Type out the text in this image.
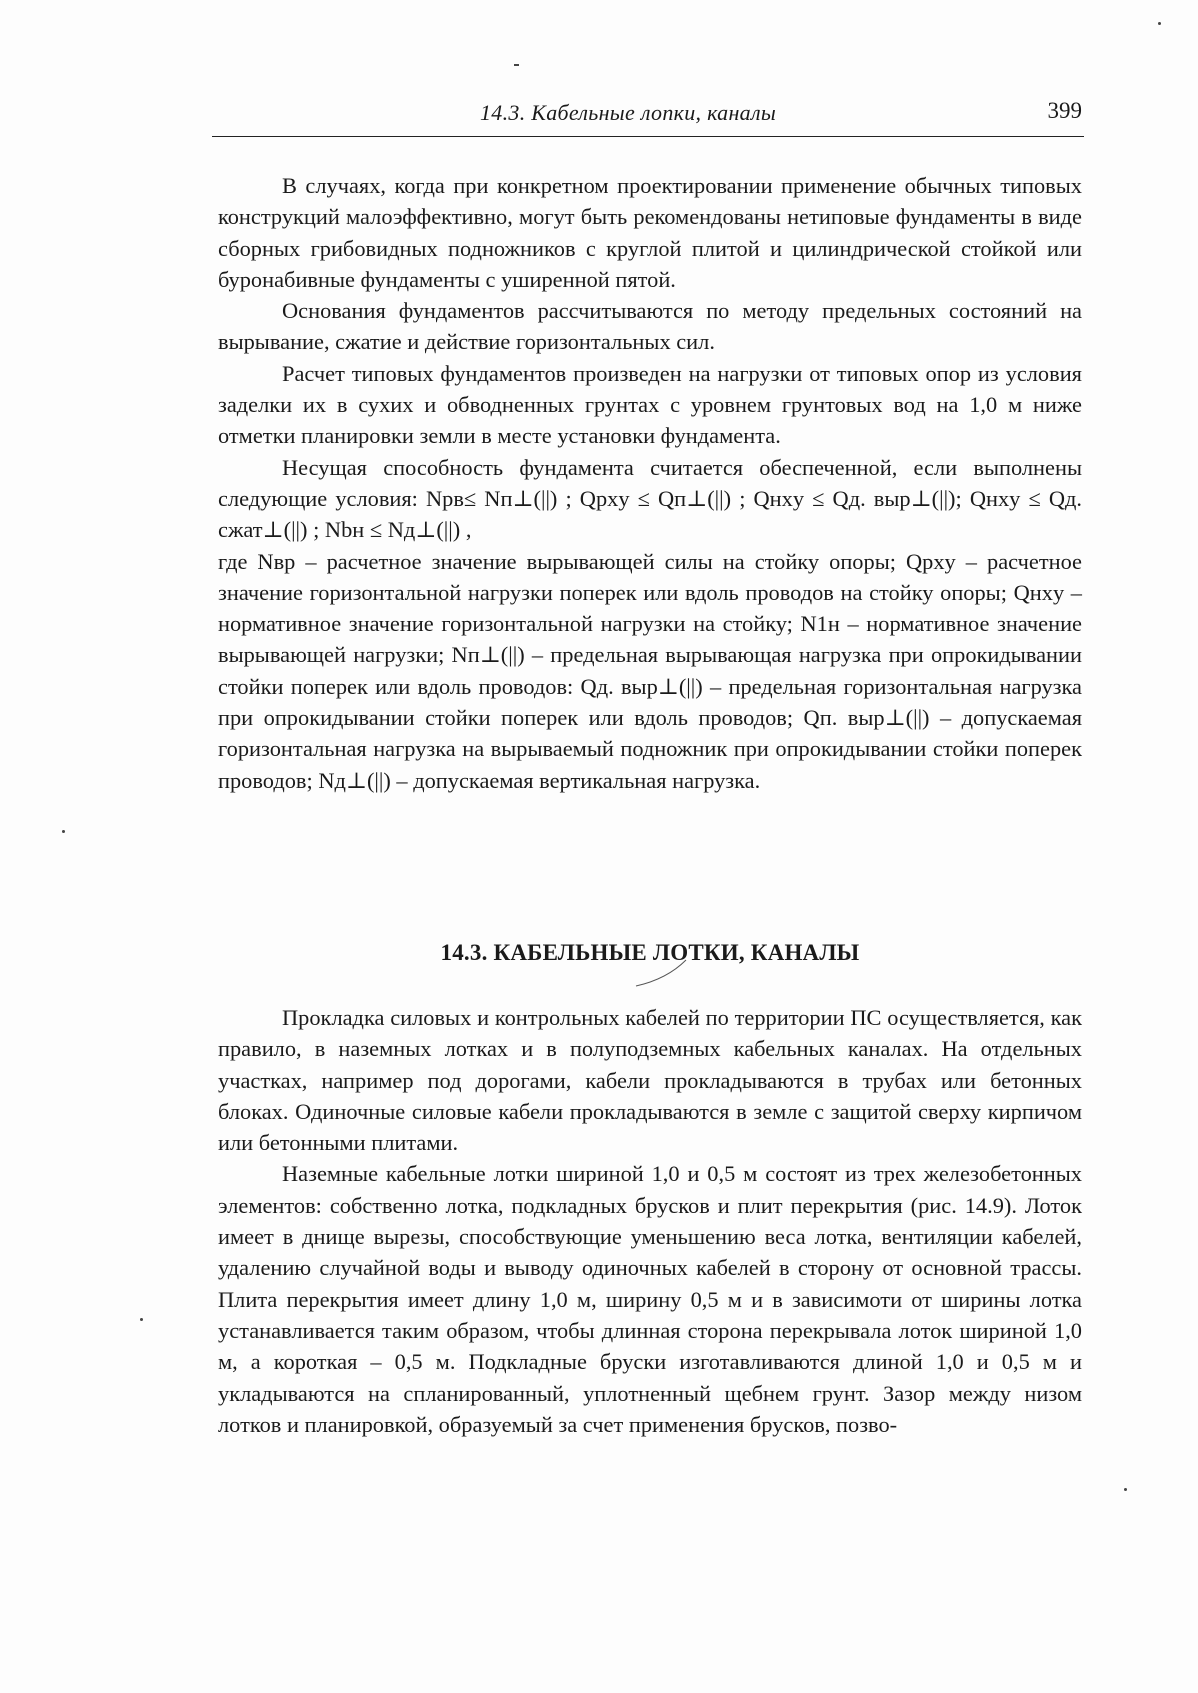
14.3. Кабельные лопки, каналы	399

В случаях, когда при конкретном проектировании применение обычных типовых конструкций малоэффективно, могут быть рекомендованы нетиповые фундаменты в виде сборных грибовидных подножников с круглой плитой и цилиндрической стойкой или буронабивные фундаменты с уширенной пятой.

Основания фундаментов рассчитываются по методу предельных состояний на вырывание, сжатие и действие горизонтальных сил.

Расчет типовых фундаментов произведен на нагрузки от типовых опор из условия заделки их в сухих и обводненных грунтах с уровнем грунтовых вод на 1,0 м ниже отметки планировки земли в месте установки фундамента.

Несущая способность фундамента считается обеспеченной, если выполнены следующие условия: Nрв≤ Nп⊥(||) ; Qрxy ≤ Qп⊥(||) ; Qнxy ≤ Qд. выр⊥(||); Qнxy ≤ Qд. сжат⊥(||) ; Nbн ≤ Nд⊥(||) ,

где Nвр – расчетное значение вырывающей силы на стойку опоры; Qрxy – расчетное значение горизонтальной нагрузки поперек или вдоль проводов на стойку опоры; Qнxy – нормативное значение горизонтальной нагрузки на стойку; N1н – нормативное значение вырывающей нагрузки; Nп⊥(||) – предельная вырывающая нагрузка при опрокидывании стойки поперек или вдоль проводов: Qд. выр⊥(||) – предельная горизонтальная нагрузка при опрокидывании стойки поперек или вдоль проводов; Qп. выр⊥(||) – допускаемая горизонтальная нагрузка на вырываемый подножник при опрокидывании стойки поперек проводов; Nд⊥(||) – допускаемая вертикальная нагрузка.

14.3. КАБЕЛЬНЫЕ ЛОТКИ, КАНАЛЫ

Прокладка силовых и контрольных кабелей по территории ПС осуществляется, как правило, в наземных лотках и в полуподземных кабельных каналах. На отдельных участках, например под дорогами, кабели прокладываются в трубах или бетонных блоках. Одиночные силовые кабели прокладываются в земле с защитой сверху кирпичом или бетонными плитами.

Наземные кабельные лотки шириной 1,0 и 0,5 м состоят из трех железобетонных элементов: собственно лотка, подкладных брусков и плит перекрытия (рис. 14.9). Лоток имеет в днище вырезы, способствующие уменьшению веса лотка, вентиляции кабелей, удалению случайной воды и выводу одиночных кабелей в сторону от основной трассы. Плита перекрытия имеет длину 1,0 м, ширину 0,5 м и в зависимоти от ширины лотка устанавливается таким образом, чтобы длинная сторона перекрывала лоток шириной 1,0 м, а короткая – 0,5 м. Подкладные бруски изготавливаются длиной 1,0 и 0,5 м и укладываются на спланированный, уплотненный щебнем грунт. Зазор между низом лотков и планировкой, образуемый за счет применения брусков, позво-
